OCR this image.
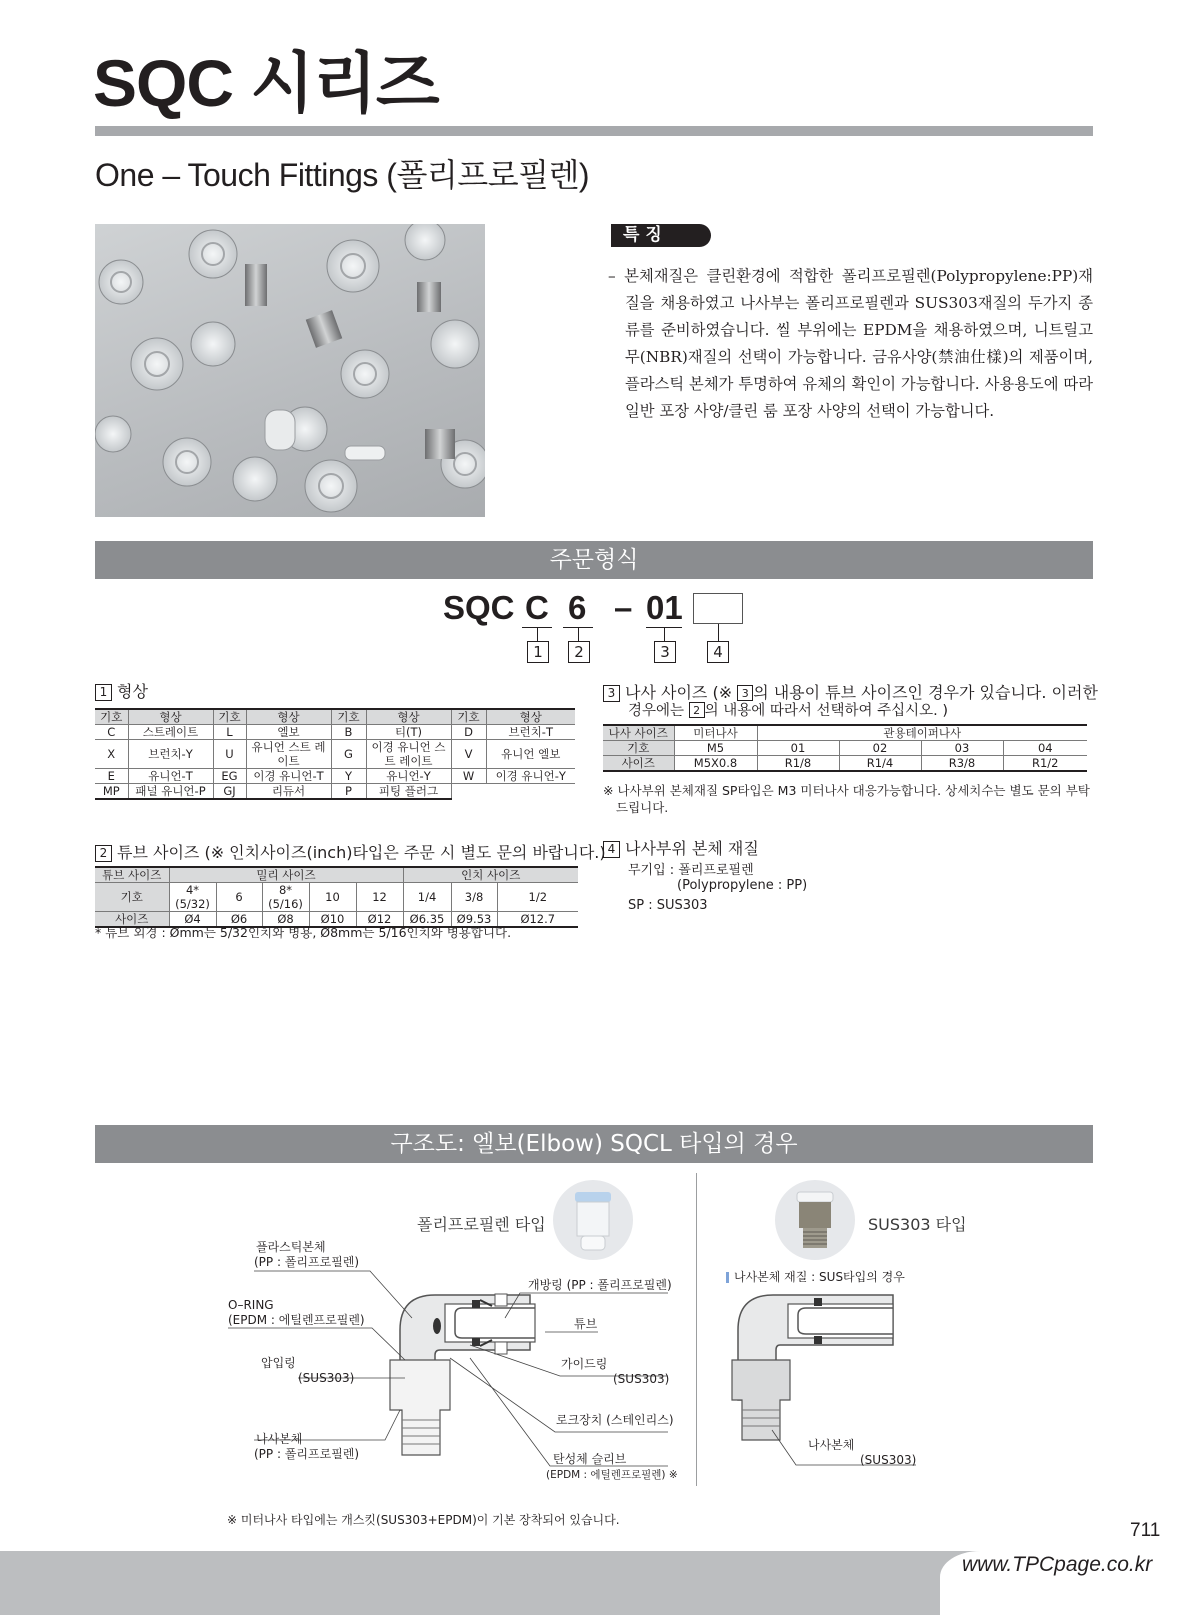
SQC 시리즈
One – Touch Fittings (폴리프로필렌)
특 징
– 본체재질은 클린환경에 적합한 폴리프로필렌(Polypropylene:PP)재질을 채용하였고 나사부는 폴리프로필렌과 SUS303재질의 두가지 종류를 준비하였습니다. 씰 부위에는 EPDM을 채용하였으며, 니트릴고무(NBR)재질의 선택이 가능합니다. 금유사양(禁油仕樣)의 제품이며, 플라스틱 본체가 투명하여 유체의 확인이 가능합니다. 사용용도에 따라 일반 포장 사양/클린 룸 포장 사양의 선택이 가능합니다.
주문형식
SQC C 6 – 01
1	2	3	4
1 형상
기호	형상	기호	형상	기호	형상	기호	형상
C	스트레이트	L	엘보	B	티(T)	D	브런치-T
X	브런치-Y	U	유니언 스트 레이트	G	이경 유니언 스트 레이트	V	유니언 엘보
E	유니언-T	EG	이경 유니언-T	Y	유니언-Y	W	이경 유니언-Y
MP	패널 유니언-P	GJ	리듀서	P	피팅 플러그		
2 튜브 사이즈 (※ 인치사이즈(inch)타입은 주문 시 별도 문의 바랍니다.)
튜브 사이즈	밀리 사이즈					인치 사이즈		
기호	4*(5/32)	6	8*(5/16)	10	12	1/4	3/8	1/2
사이즈	Ø4	Ø6	Ø8	Ø10	Ø12	Ø6.35	Ø9.53	Ø12.7
* 튜브 외경 : Ømm는 5/32인치와 병용, Ø8mm는 5/16인치와 병용합니다.
3 나사 사이즈 (※ 3 의 내용이 튜브 사이즈인 경우가 있습니다. 이러한
경우에는 2 의 내용에 따라서 선택하여 주십시오. )
나사 사이즈	미터나사	관용테이퍼나사			
기호	M5	01	02	03	04
사이즈	M5X0.8	R1/8	R1/4	R3/8	R1/2
※ 나사부위 본체재질 SP타입은 M3 미터나사 대응가능합니다. 상세치수는 별도 문의 부탁드립니다.
4 나사부위 본체 재질
무기입 : 폴리프로필렌
(Polypropylene : PP)
SP : SUS303
구조도: 엘보(Elbow) SQCL 타입의 경우
폴리프로필렌 타입	SUS303 타입
나사본체 재질 : SUS타입의 경우
플라스틱본체
(PP : 폴리프로필렌)
O–RING
(EPDM : 에틸렌프로필렌)
압입링
(SUS303)
나사본체
(PP : 폴리프로필렌)
개방링 (PP : 폴리프로필렌)
튜브
가이드링
(SUS303)
로크장치 (스테인리스)
탄성체 슬리브
(EPDM : 에틸렌프로필렌) ※
나사본체
(SUS303)
※ 미터나사 타입에는 개스킷(SUS303+EPDM)이 기본 장착되어 있습니다.	711
www.TPCpage.co.kr
